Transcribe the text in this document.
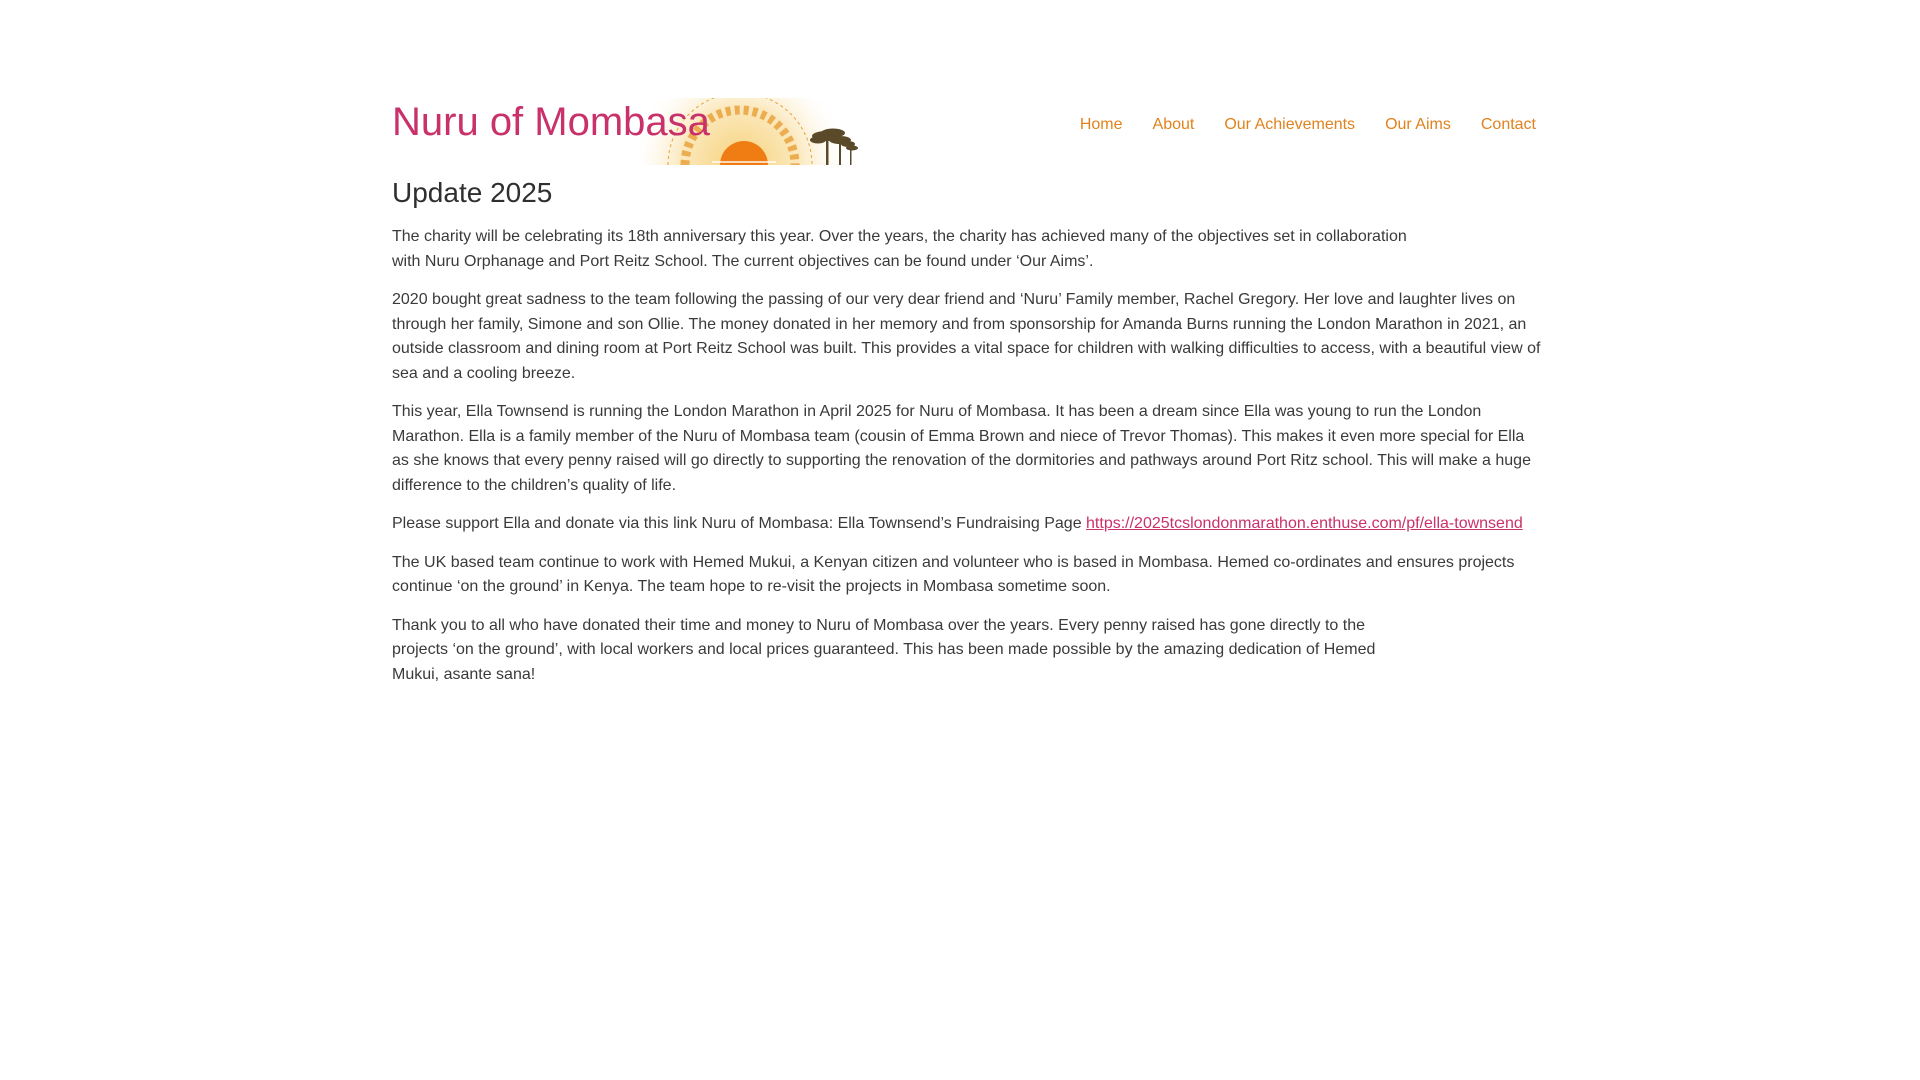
Nuru of Mombasa	Home About Our Achievements Our Aims Contact
Update 2025

The charity will be celebrating its 18th anniversary this year. Over the years, the charity has achieved many of the objectives set in collaboration with Nuru Orphanage and Port Reitz School. The current objectives can be found under ‘Our Aims’.

2020 bought great sadness to the team following the passing of our very dear friend and ‘Nuru’ Family member, Rachel Gregory. Her love and laughter lives on through her family, Simone and son Ollie. The money donated in her memory and from sponsorship for Amanda Burns running the London Marathon in 2021, an outside classroom and dining room at Port Reitz School was built. This provides a vital space for children with walking difficulties to access, with a beautiful view of sea and a cooling breeze.

This year, Ella Townsend is running the London Marathon in April 2025 for Nuru of Mombasa. It has been a dream since Ella was young to run the London Marathon. Ella is a family member of the Nuru of Mombasa team (cousin of Emma Brown and niece of Trevor Thomas). This makes it even more special for Ella as she knows that every penny raised will go directly to supporting the renovation of the dormitories and pathways around Port Ritz school. This will make a huge difference to the children’s quality of life.

Please support Ella and donate via this link Nuru of Mombasa: Ella Townsend’s Fundraising Page https://2025tcslondonmarathon.enthuse.com/pf/ella-townsend

The UK based team continue to work with Hemed Mukui, a Kenyan citizen and volunteer who is based in Mombasa. Hemed co-ordinates and ensures projects continue ‘on the ground’ in Kenya. The team hope to re-visit the projects in Mombasa sometime soon.

Thank you to all who have donated their time and money to Nuru of Mombasa over the years. Every penny raised has gone directly to the projects ‘on the ground’, with local workers and local prices guaranteed. This has been made possible by the amazing dedication of Hemed Mukui, asante sana!
